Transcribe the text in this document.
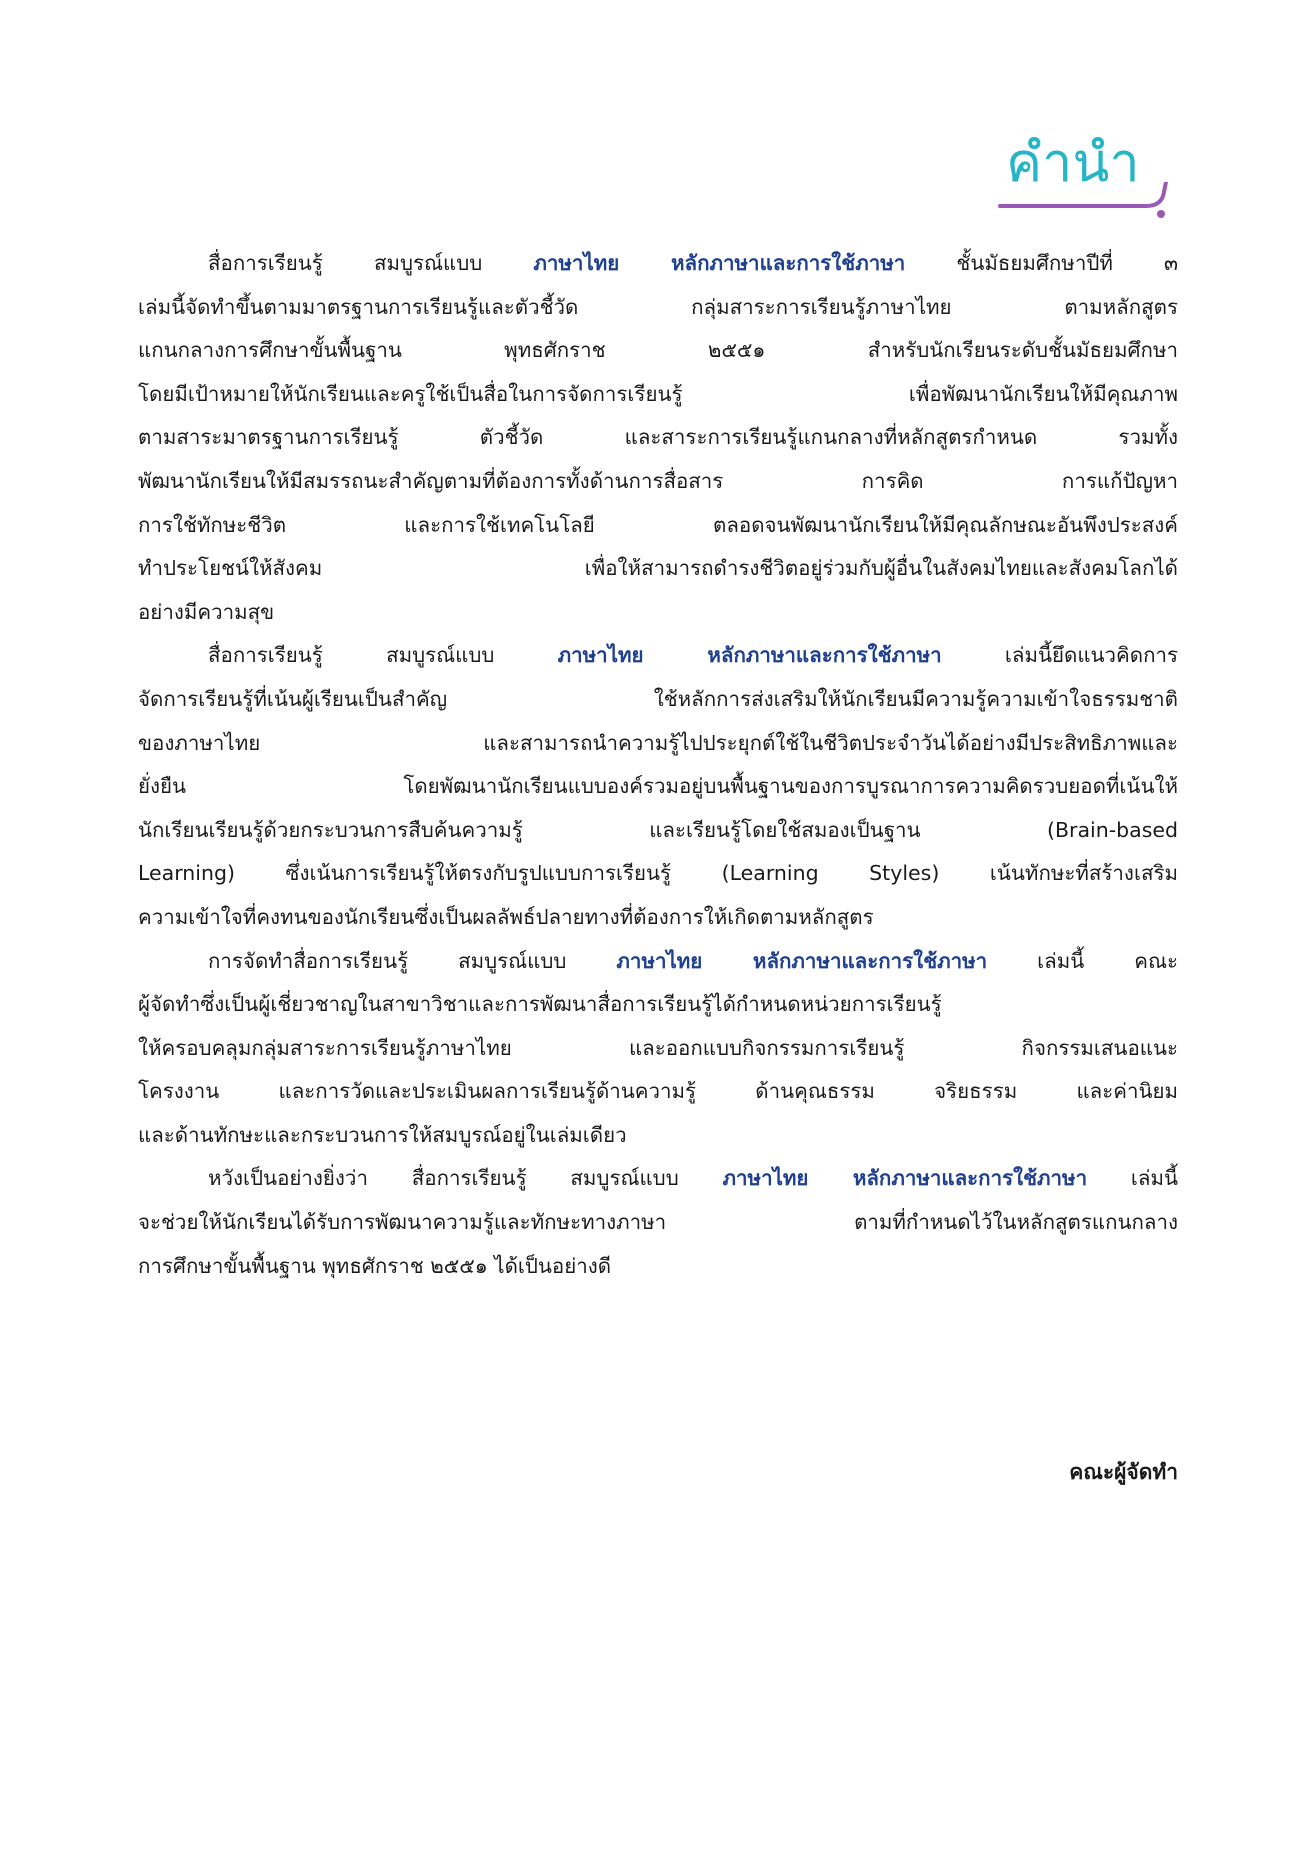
คำนำ
สื่อการเรียนรู้ สมบูรณ์แบบ ภาษาไทย หลักภาษาและการใช้ภาษา ชั้นมัธยมศึกษาปีที่ ๓
เล่มนี้จัดทำขึ้นตามมาตรฐานการเรียนรู้และตัวชี้วัด กลุ่มสาระการเรียนรู้ภาษาไทย ตามหลักสูตร
แกนกลางการศึกษาขั้นพื้นฐาน พุทธศักราช ๒๕๕๑ สำหรับนักเรียนระดับชั้นมัธยมศึกษา
โดยมีเป้าหมายให้นักเรียนและครูใช้เป็นสื่อในการจัดการเรียนรู้ เพื่อพัฒนานักเรียนให้มีคุณภาพ
ตามสาระมาตรฐานการเรียนรู้ ตัวชี้วัด และสาระการเรียนรู้แกนกลางที่หลักสูตรกำหนด รวมทั้ง
พัฒนานักเรียนให้มีสมรรถนะสำคัญตามที่ต้องการทั้งด้านการสื่อสาร การคิด การแก้ปัญหา
การใช้ทักษะชีวิต และการใช้เทคโนโลยี ตลอดจนพัฒนานักเรียนให้มีคุณลักษณะอันพึงประสงค์
ทำประโยชน์ให้สังคม เพื่อให้สามารถดำรงชีวิตอยู่ร่วมกับผู้อื่นในสังคมไทยและสังคมโลกได้
อย่างมีความสุข
สื่อการเรียนรู้ สมบูรณ์แบบ ภาษาไทย หลักภาษาและการใช้ภาษา เล่มนี้ยึดแนวคิดการ
จัดการเรียนรู้ที่เน้นผู้เรียนเป็นสำคัญ ใช้หลักการส่งเสริมให้นักเรียนมีความรู้ความเข้าใจธรรมชาติ
ของภาษาไทย และสามารถนำความรู้ไปประยุกต์ใช้ในชีวิตประจำวันได้อย่างมีประสิทธิภาพและ
ยั่งยืน โดยพัฒนานักเรียนแบบองค์รวมอยู่บนพื้นฐานของการบูรณาการความคิดรวบยอดที่เน้นให้
นักเรียนเรียนรู้ด้วยกระบวนการสืบค้นความรู้ และเรียนรู้โดยใช้สมองเป็นฐาน (Brain-based
Learning) ซึ่งเน้นการเรียนรู้ให้ตรงกับรูปแบบการเรียนรู้ (Learning Styles) เน้นทักษะที่สร้างเสริม
ความเข้าใจที่คงทนของนักเรียนซึ่งเป็นผลลัพธ์ปลายทางที่ต้องการให้เกิดตามหลักสูตร
การจัดทำสื่อการเรียนรู้ สมบูรณ์แบบ ภาษาไทย หลักภาษาและการใช้ภาษา เล่มนี้ คณะ
ผู้จัดทำซึ่งเป็นผู้เชี่ยวชาญในสาขาวิชาและการพัฒนาสื่อการเรียนรู้ได้กำหนดหน่วยการเรียนรู้
ให้ครอบคลุมกลุ่มสาระการเรียนรู้ภาษาไทย และออกแบบกิจกรรมการเรียนรู้ กิจกรรมเสนอแนะ
โครงงาน และการวัดและประเมินผลการเรียนรู้ด้านความรู้ ด้านคุณธรรม จริยธรรม และค่านิยม
และด้านทักษะและกระบวนการให้สมบูรณ์อยู่ในเล่มเดียว
หวังเป็นอย่างยิ่งว่า สื่อการเรียนรู้ สมบูรณ์แบบ ภาษาไทย หลักภาษาและการใช้ภาษา เล่มนี้
จะช่วยให้นักเรียนได้รับการพัฒนาความรู้และทักษะทางภาษา ตามที่กำหนดไว้ในหลักสูตรแกนกลาง
การศึกษาขั้นพื้นฐาน พุทธศักราช ๒๕๕๑ ได้เป็นอย่างดี
คณะผู้จัดทำ
